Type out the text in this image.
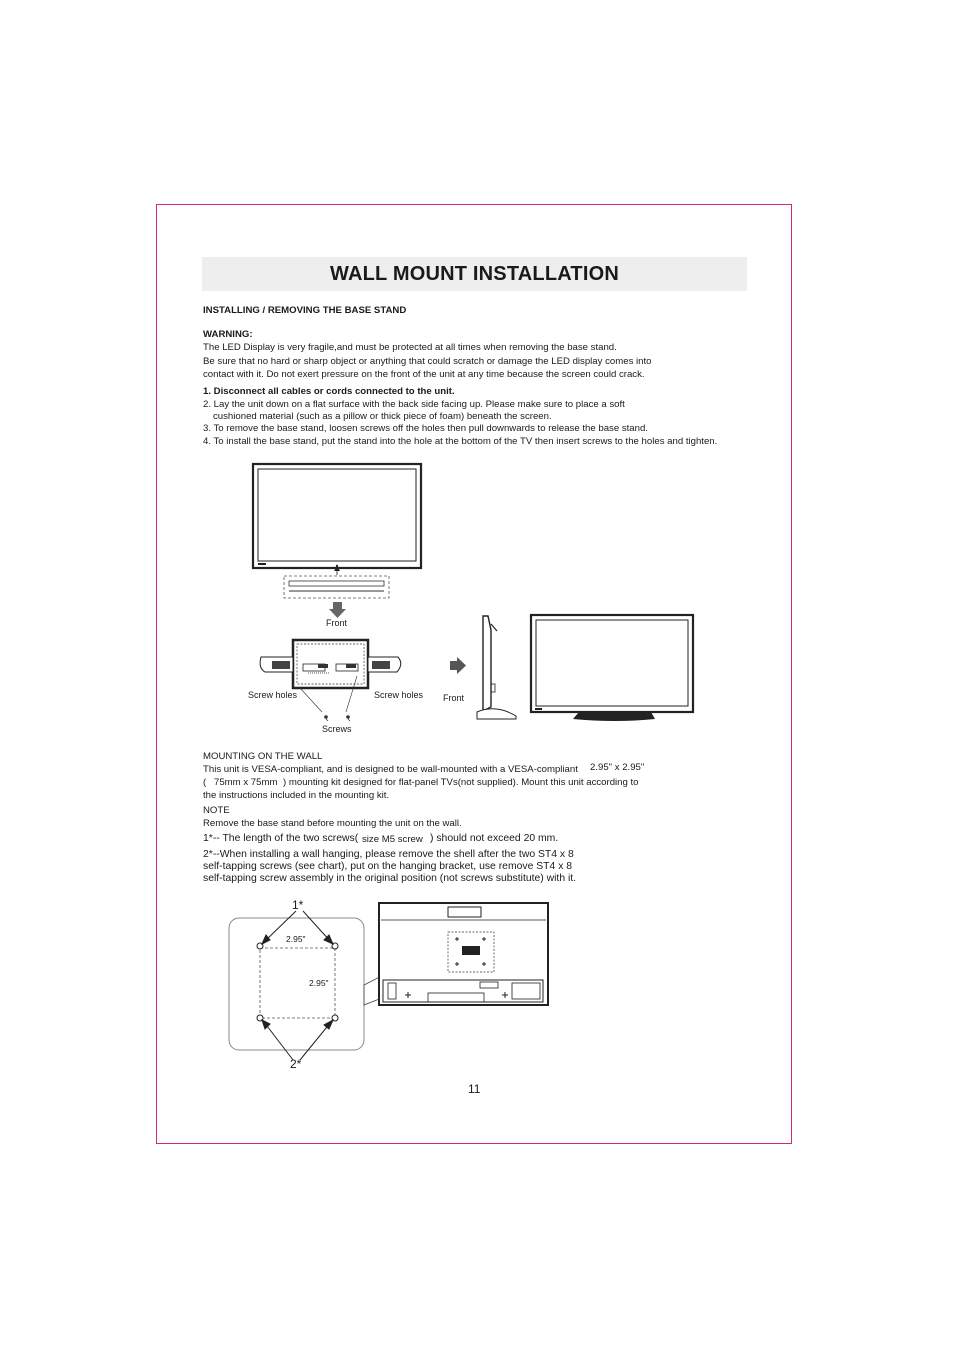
WALL MOUNT INSTALLATION
INSTALLING / REMOVING THE BASE STAND
WARNING:
The LED Display is very fragile,and must be protected at all times when removing the base stand.
Be sure that no hard or sharp object or anything that could scratch or damage the LED display comes into
contact with it. Do not exert pressure on the front of the unit at any time because the screen could crack.
1. Disconnect all cables or cords connected to the unit.
2. Lay the unit down on a flat surface with the back side facing up. Please make sure to place a soft
cushioned material (such as a pillow or thick piece of foam) beneath the screen.
3. To remove the base stand, loosen screws off the holes then pull downwards to release the base stand.
4. To install the base stand, put the stand into the hole at the bottom of the TV then insert screws to the holes and tighten.
Front
Screw holes	Screw holes
Screws
Front
MOUNTING ON THE WALL
This unit is VESA-compliant, and is designed to be wall-mounted with a VESA-compliant 2.95" x 2.95"
( 75mm x 75mm ) mounting kit designed for flat-panel TVs(not supplied). Mount this unit according to
the instructions included in the mounting kit.
NOTE
Remove the base stand before mounting the unit on the wall.
1*-- The length of the two screws( size M5 screw ) should not exceed 20 mm.
2*--When installing a wall hanging, please remove the shell after the two ST4 x 8
self-tapping screws (see chart), put on the hanging bracket, use remove ST4 x 8
self-tapping screw assembly in the original position (not screws substitute) with it.
1*
2*
2.95"
2.95"
11
